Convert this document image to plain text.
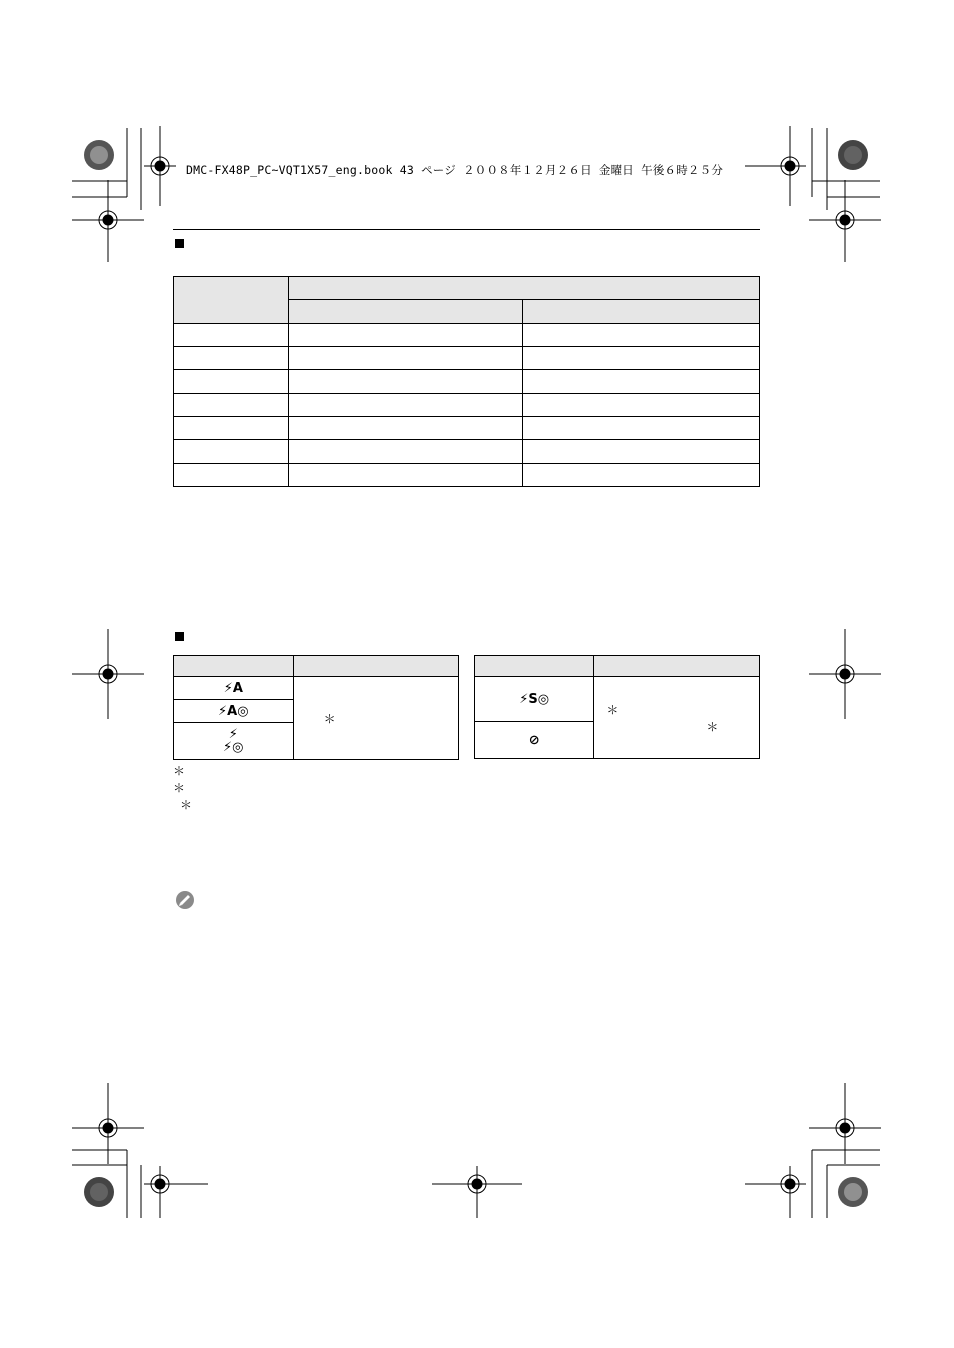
DMC-FX48P_PC~VQT1X57_eng.book 43 ページ ２００８年１２月２６日 金曜日 午後６時２５分

⚡A	＊
⚡A◎	

⚡
⚡◎	

⚡S◎	＊
＊

⊘	
＊
＊
＊
